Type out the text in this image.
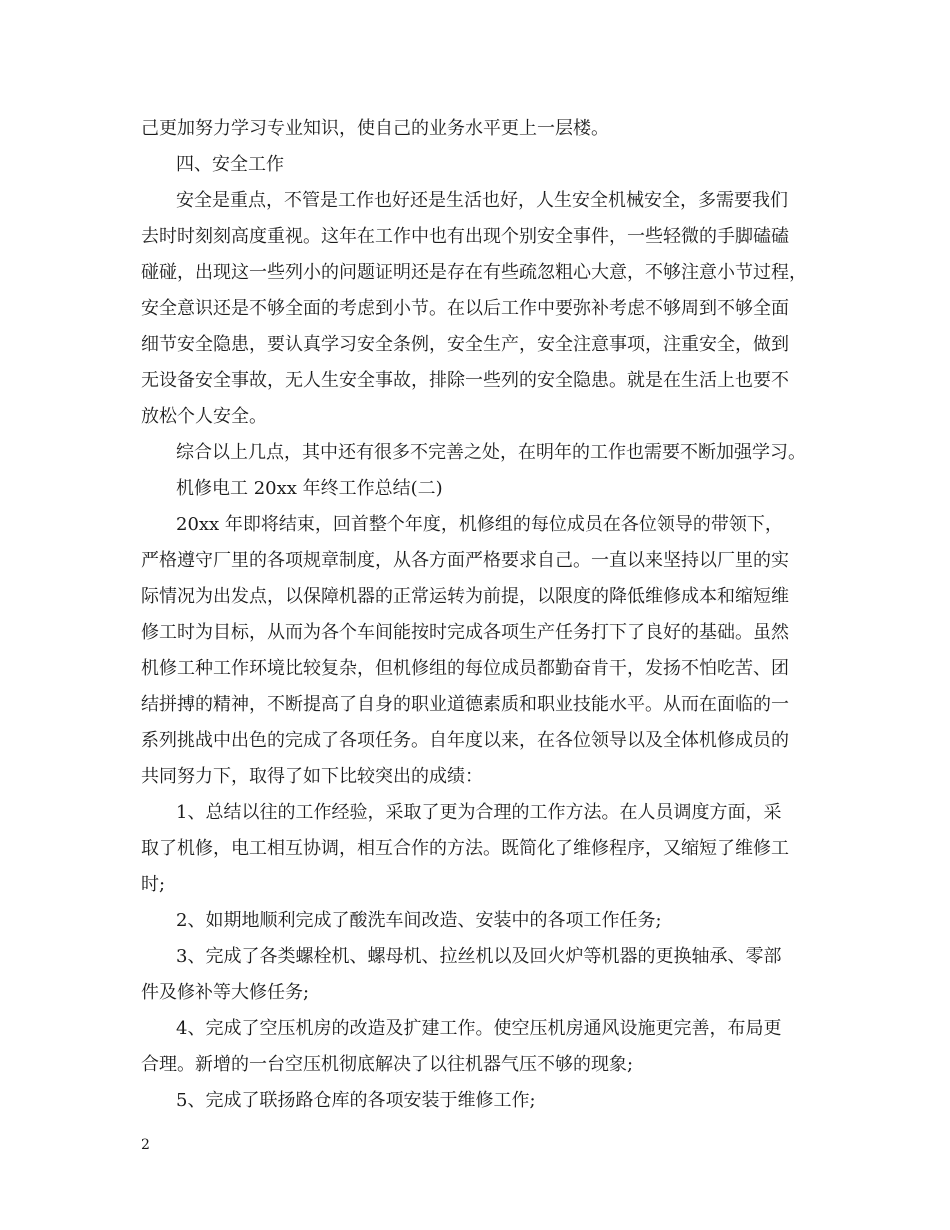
己更加努力学习专业知识，使自己的业务水平更上一层楼。
四、安全工作
安全是重点，不管是工作也好还是生活也好，人生安全机械安全，多需要我们
去时时刻刻高度重视。这年在工作中也有出现个别安全事件，一些轻微的手脚磕磕
碰碰，出现这一些列小的问题证明还是存在有些疏忽粗心大意，不够注意小节过程，
安全意识还是不够全面的考虑到小节。在以后工作中要弥补考虑不够周到不够全面
细节安全隐患，要认真学习安全条例，安全生产，安全注意事项，注重安全，做到
无设备安全事故，无人生安全事故，排除一些列的安全隐患。就是在生活上也要不
放松个人安全。
综合以上几点，其中还有很多不完善之处，在明年的工作也需要不断加强学习。
机修电工 20xx 年终工作总结(二)
20xx 年即将结束，回首整个年度，机修组的每位成员在各位领导的带领下，
严格遵守厂里的各项规章制度，从各方面严格要求自己。一直以来坚持以厂里的实
际情况为出发点，以保障机器的正常运转为前提，以限度的降低维修成本和缩短维
修工时为目标，从而为各个车间能按时完成各项生产任务打下了良好的基础。虽然
机修工种工作环境比较复杂，但机修组的每位成员都勤奋肯干，发扬不怕吃苦、团
结拼搏的精神，不断提高了自身的职业道德素质和职业技能水平。从而在面临的一
系列挑战中出色的完成了各项任务。自年度以来，在各位领导以及全体机修成员的
共同努力下，取得了如下比较突出的成绩：
1、总结以往的工作经验，采取了更为合理的工作方法。在人员调度方面，采
取了机修，电工相互协调，相互合作的方法。既简化了维修程序，又缩短了维修工
时;
2、如期地顺利完成了酸洗车间改造、安装中的各项工作任务;
3、完成了各类螺栓机、螺母机、拉丝机以及回火炉等机器的更换轴承、零部
件及修补等大修任务;
4、完成了空压机房的改造及扩建工作。使空压机房通风设施更完善，布局更
合理。新增的一台空压机彻底解决了以往机器气压不够的现象;
5、完成了联扬路仓库的各项安装于维修工作;
2
